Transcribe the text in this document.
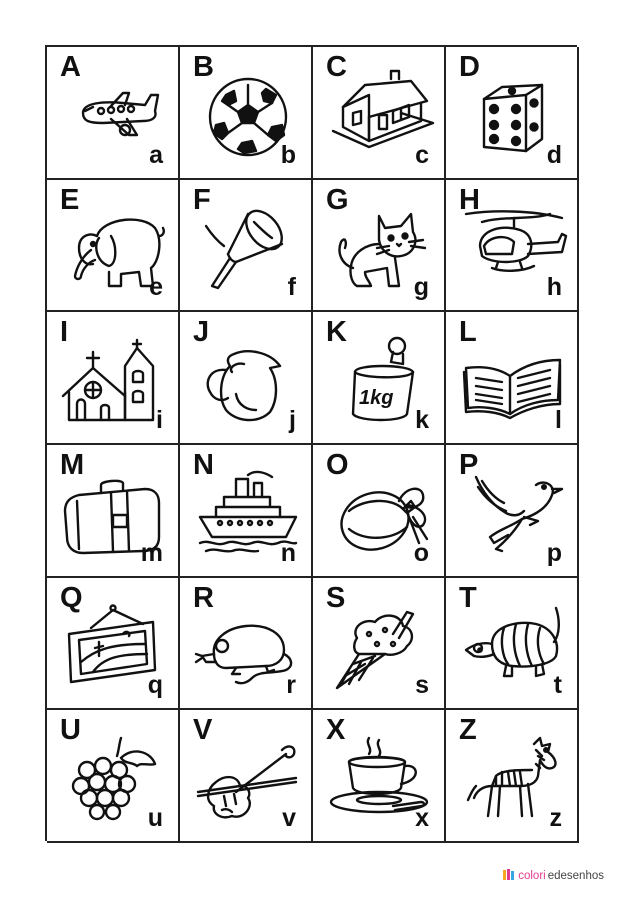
A
a
B
b
C
c
D
d
E
e
F
f
G
g
H
h
I
i
J
j
K
1kg
k
L
l
M
m
N
n
O
o
P
p
Q
q
R
r
S
s
T
t
U
u
V
v
X
x
Z
z
colori edesenhos
